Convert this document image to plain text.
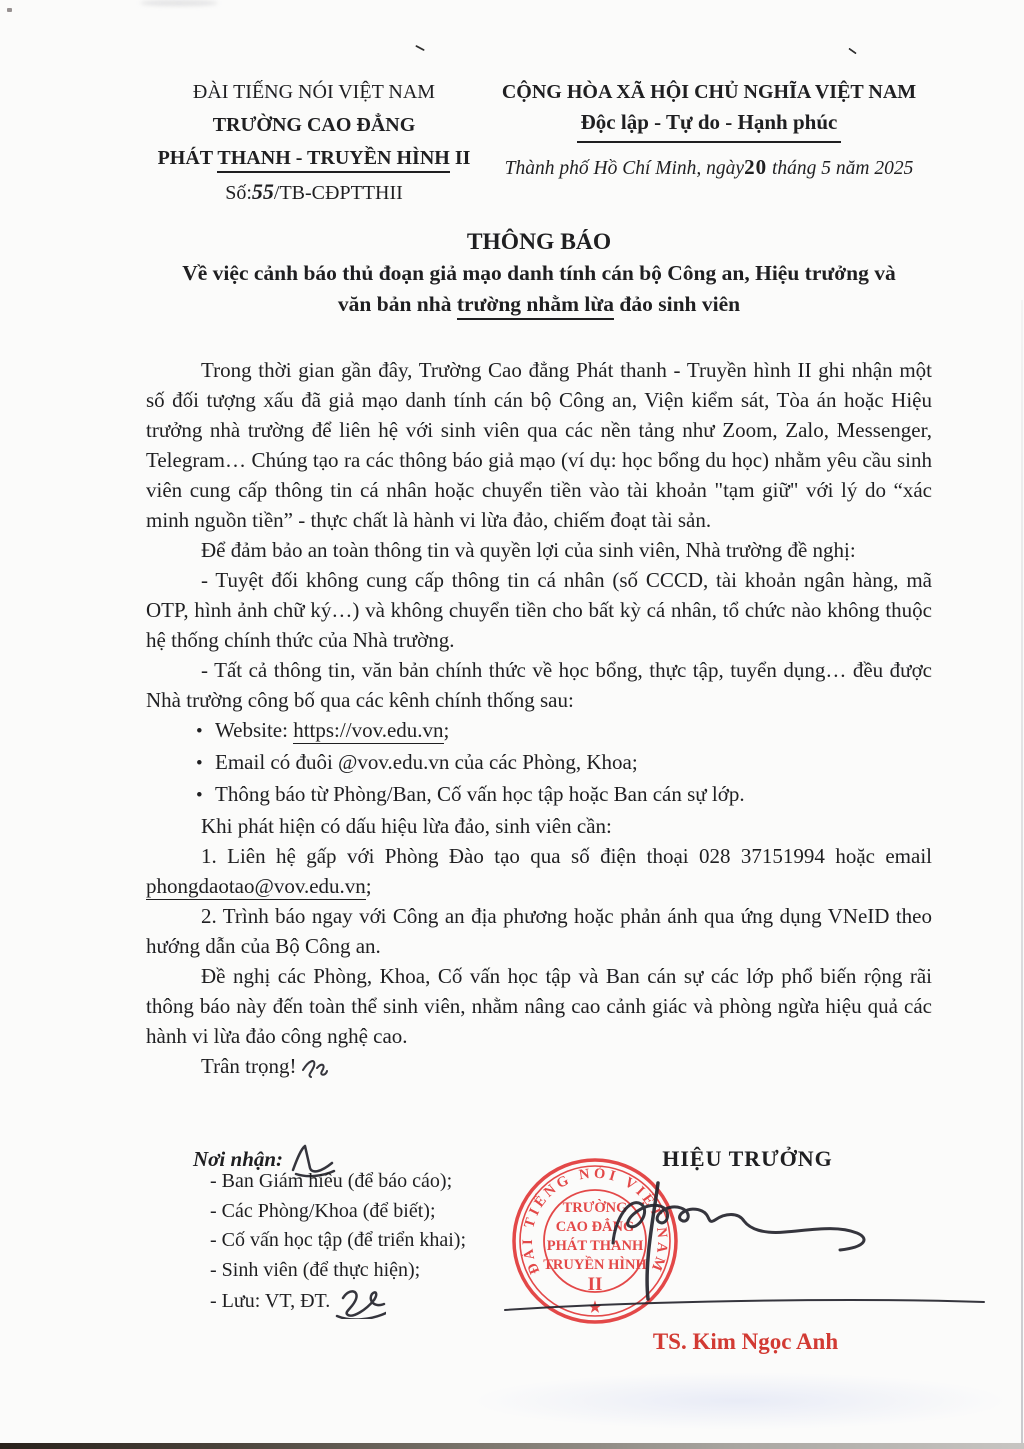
ĐÀI TIẾNG NÓI VIỆT NAM
TRƯỜNG CAO ĐẲNG
PHÁT THANH - TRUYỀN HÌNH II
Số:55/TB-CĐPTTHII
CỘNG HÒA XÃ HỘI CHỦ NGHĨA VIỆT NAM
Độc lập - Tự do - Hạnh phúc
Thành phố Hồ Chí Minh, ngày20 tháng 5 năm 2025
THÔNG BÁO
Về việc cảnh báo thủ đoạn giả mạo danh tính cán bộ Công an, Hiệu trưởng và
văn bản nhà trường nhằm lừa đảo sinh viên

Trong thời gian gần đây, Trường Cao đẳng Phát thanh - Truyền hình II ghi nhận một số đối tượng xấu đã giả mạo danh tính cán bộ Công an, Viện kiểm sát, Tòa án hoặc Hiệu trưởng nhà trường để liên hệ với sinh viên qua các nền tảng như Zoom, Zalo, Messenger, Telegram… Chúng tạo ra các thông báo giả mạo (ví dụ: học bổng du học) nhằm yêu cầu sinh viên cung cấp thông tin cá nhân hoặc chuyển tiền vào tài khoản "tạm giữ" với lý do “xác minh nguồn tiền” - thực chất là hành vi lừa đảo, chiếm đoạt tài sản.

Để đảm bảo an toàn thông tin và quyền lợi của sinh viên, Nhà trường đề nghị:

- Tuyệt đối không cung cấp thông tin cá nhân (số CCCD, tài khoản ngân hàng, mã OTP, hình ảnh chữ ký…) và không chuyển tiền cho bất kỳ cá nhân, tổ chức nào không thuộc hệ thống chính thức của Nhà trường.

- Tất cả thông tin, văn bản chính thức về học bổng, thực tập, tuyển dụng… đều được Nhà trường công bố qua các kênh chính thống sau:

• Website: https://vov.edu.vn;
• Email có đuôi @vov.edu.vn của các Phòng, Khoa;
• Thông báo từ Phòng/Ban, Cố vấn học tập hoặc Ban cán sự lớp.

Khi phát hiện có dấu hiệu lừa đảo, sinh viên cần:

1. Liên hệ gấp với Phòng Đào tạo qua số điện thoại 028 37151994 hoặc email phongdaotao@vov.edu.vn;

2. Trình báo ngay với Công an địa phương hoặc phản ánh qua ứng dụng VNeID theo hướng dẫn của Bộ Công an.

Đề nghị các Phòng, Khoa, Cố vấn học tập và Ban cán sự các lớp phổ biến rộng rãi thông báo này đến toàn thể sinh viên, nhằm nâng cao cảnh giác và phòng ngừa hiệu quả các hành vi lừa đảo công nghệ cao.

Trân trọng!

Nơi nhận:
- Ban Giám hiêu (để báo cáo);
- Các Phòng/Khoa (để biết);
- Cố vấn học tập (để triển khai);
- Sinh viên (để thực hiện);
- Lưu: VT, ĐT.
HIỆU TRƯỞNG
ĐÀI TIẾNG NÓI VIỆT NAM
TRƯỜNG
CAO ĐẲNG
PHÁT THANH
TRUYỀN HÌNH
II
★
TS. Kim Ngọc Anh
